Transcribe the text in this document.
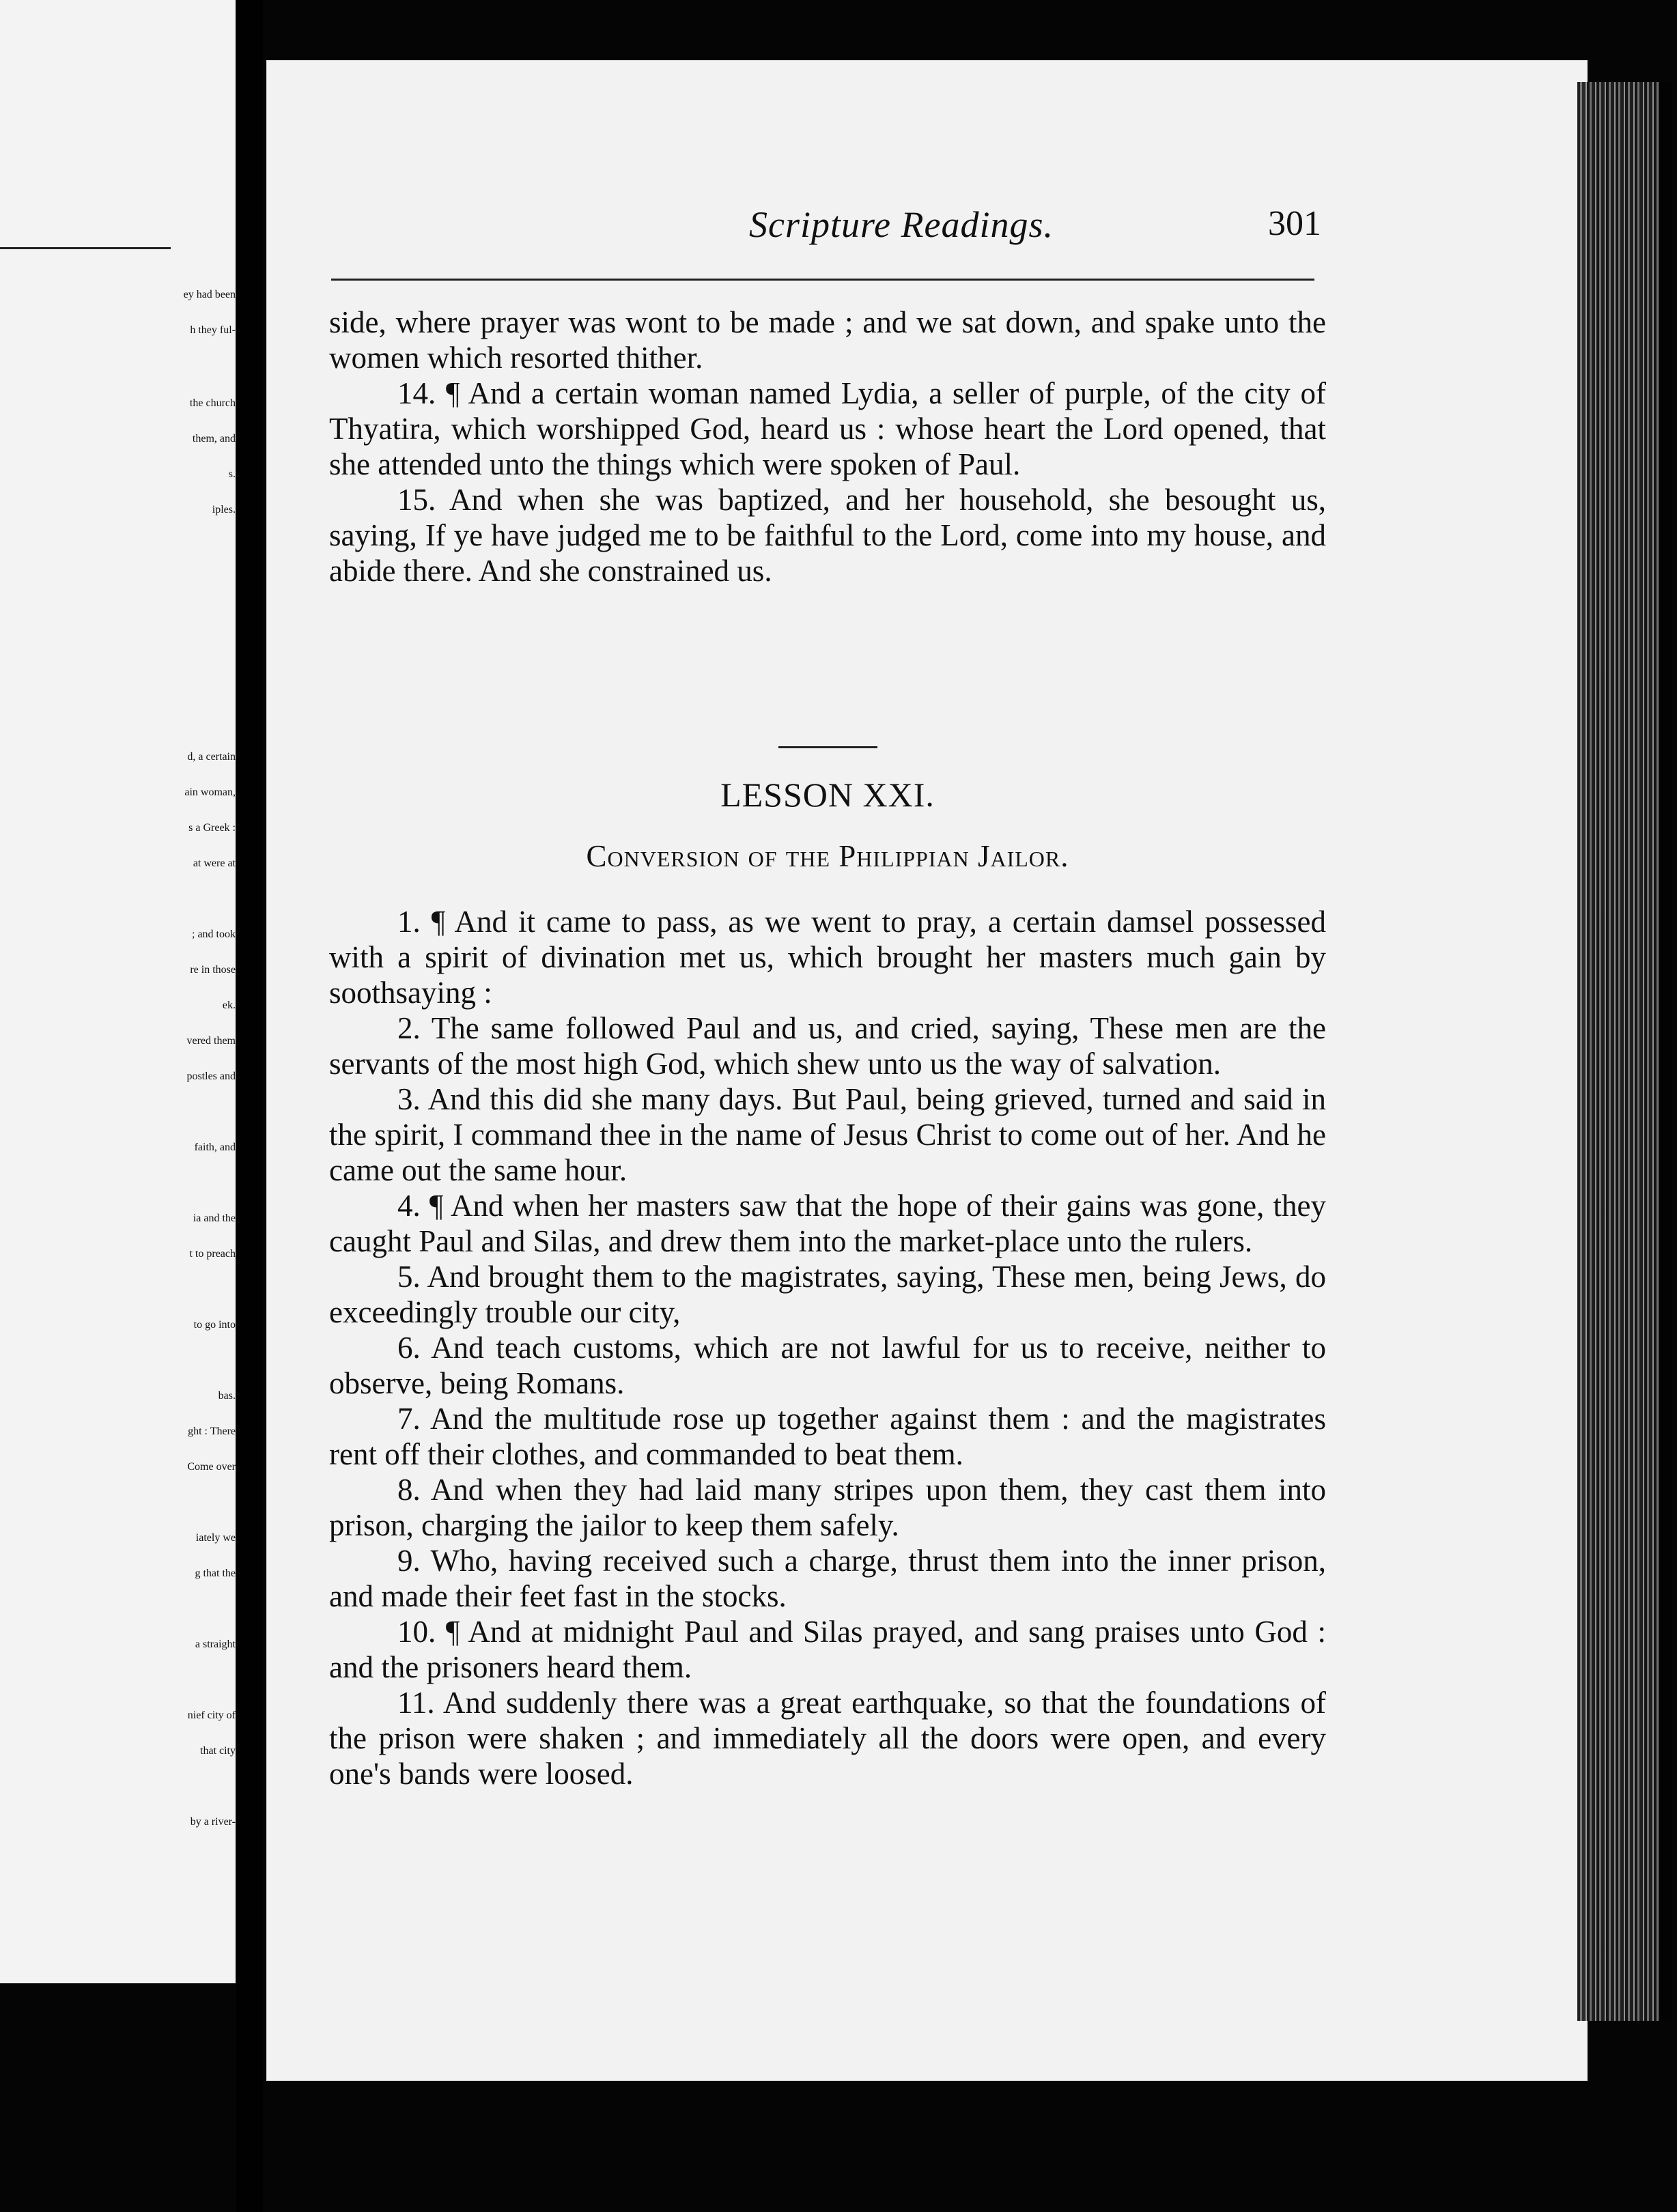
ey had been
h they ful-
the church
them, and
s.
iples.
d, a certain
ain woman,
s a Greek :
at were at
; and took
re in those
ek.
vered them
postles and
faith, and
ia and the
t to preach
to go into
bas.
ght : There
Come over
iately we
g that the
a straight
nief city of
that city
by a river-
Scripture Readings.	301

side, where prayer was wont to be made ; and we sat down, and spake unto the women which resorted thither.

14. ¶ And a certain woman named Lydia, a seller of purple, of the city of Thyatira, which worshipped God, heard us : whose heart the Lord opened, that she attended unto the things which were spoken of Paul.

15. And when she was baptized, and her household, she besought us, saying, If ye have judged me to be faithful to the Lord, come into my house, and abide there. And she constrained us.

LESSON XXI.
Conversion of the Philippian Jailor.

1. ¶ And it came to pass, as we went to pray, a certain damsel possessed with a spirit of divination met us, which brought her masters much gain by soothsaying :

2. The same followed Paul and us, and cried, saying, These men are the servants of the most high God, which shew unto us the way of salvation.

3. And this did she many days. But Paul, being grieved, turned and said in the spirit, I command thee in the name of Jesus Christ to come out of her. And he came out the same hour.

4. ¶ And when her masters saw that the hope of their gains was gone, they caught Paul and Silas, and drew them into the market-place unto the rulers.

5. And brought them to the magistrates, saying, These men, being Jews, do exceedingly trouble our city,

6. And teach customs, which are not lawful for us to receive, neither to observe, being Romans.

7. And the multitude rose up together against them : and the magistrates rent off their clothes, and commanded to beat them.

8. And when they had laid many stripes upon them, they cast them into prison, charging the jailor to keep them safely.

9. Who, having received such a charge, thrust them into the inner prison, and made their feet fast in the stocks.

10. ¶ And at midnight Paul and Silas prayed, and sang praises unto God : and the prisoners heard them.

11. And suddenly there was a great earthquake, so that the foundations of the prison were shaken ; and immediately all the doors were open, and every one's bands were loosed.
